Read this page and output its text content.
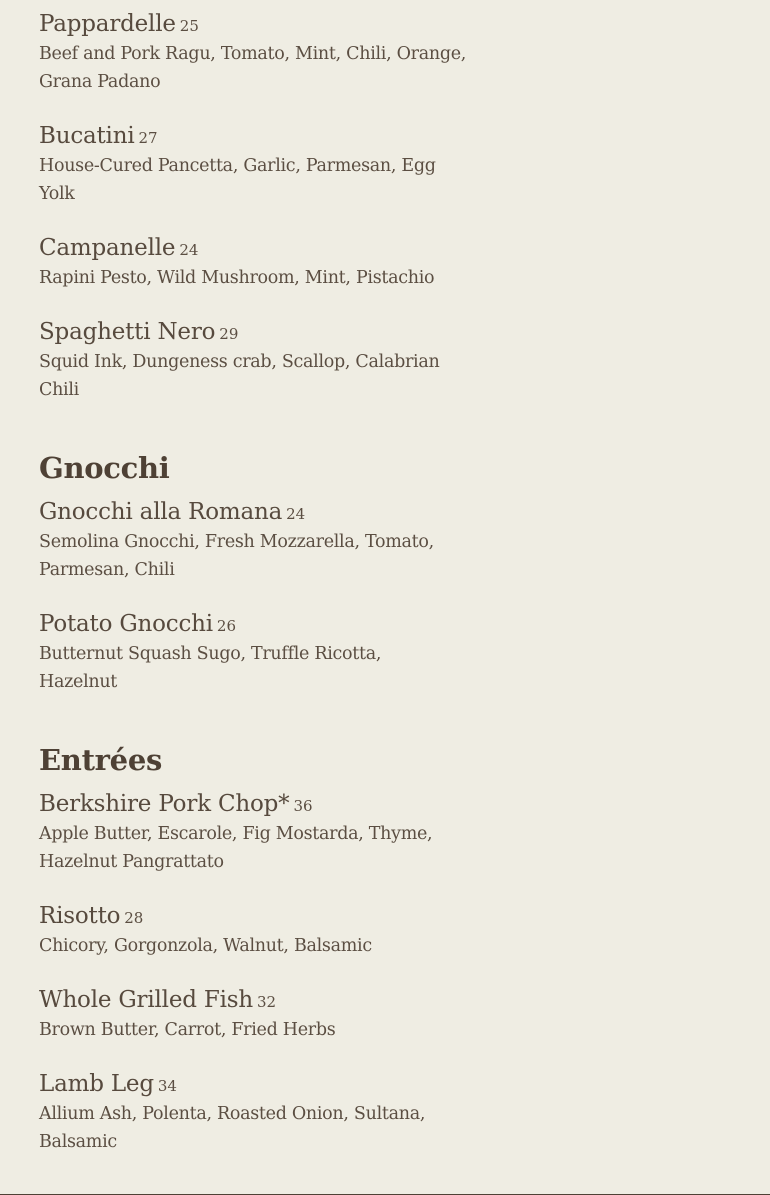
Pappardelle 25
Beef and Pork Ragu, Tomato, Mint, Chili, Orange,
Grana Padano
Bucatini 27
House-Cured Pancetta, Garlic, Parmesan, Egg
Yolk
Campanelle 24
Rapini Pesto, Wild Mushroom, Mint, Pistachio
Spaghetti Nero 29
Squid Ink, Dungeness crab, Scallop, Calabrian
Chili
Gnocchi
Gnocchi alla Romana 24
Semolina Gnocchi, Fresh Mozzarella, Tomato,
Parmesan, Chili
Potato Gnocchi 26
Butternut Squash Sugo, Truffle Ricotta,
Hazelnut
Entrées
Berkshire Pork Chop* 36
Apple Butter, Escarole, Fig Mostarda, Thyme,
Hazelnut Pangrattato
Risotto 28
Chicory, Gorgonzola, Walnut, Balsamic
Whole Grilled Fish 32
Brown Butter, Carrot, Fried Herbs
Lamb Leg 34
Allium Ash, Polenta, Roasted Onion, Sultana,
Balsamic
